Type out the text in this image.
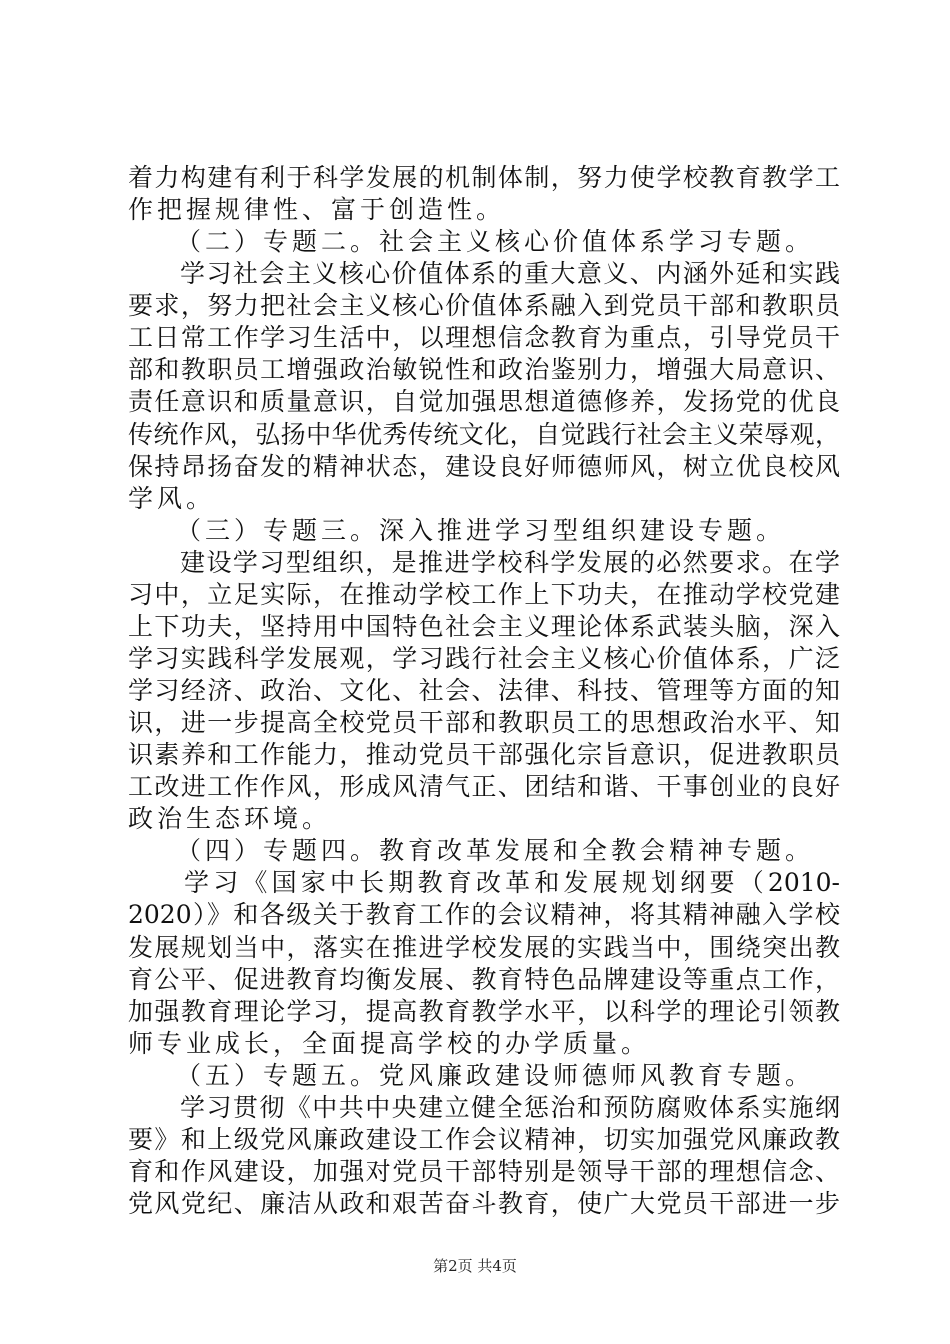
着力构建有利于科学发展的机制体制，努力使学校教育教学工
作把握规律性、富于创造性。
（二）专题二。社会主义核心价值体系学习专题。
学习社会主义核心价值体系的重大意义、内涵外延和实践
要求，努力把社会主义核心价值体系融入到党员干部和教职员
工日常工作学习生活中，以理想信念教育为重点，引导党员干
部和教职员工增强政治敏锐性和政治鉴别力，增强大局意识、
责任意识和质量意识，自觉加强思想道德修养，发扬党的优良
传统作风，弘扬中华优秀传统文化，自觉践行社会主义荣辱观，
保持昂扬奋发的精神状态，建设良好师德师风，树立优良校风
学风。
（三）专题三。深入推进学习型组织建设专题。
建设学习型组织，是推进学校科学发展的必然要求。在学
习中，立足实际，在推动学校工作上下功夫，在推动学校党建
上下功夫，坚持用中国特色社会主义理论体系武装头脑，深入
学习实践科学发展观，学习践行社会主义核心价值体系，广泛
学习经济、政治、文化、社会、法律、科技、管理等方面的知
识，进一步提高全校党员干部和教职员工的思想政治水平、知
识素养和工作能力，推动党员干部强化宗旨意识，促进教职员
工改进工作作风，形成风清气正、团结和谐、干事创业的良好
政治生态环境。
（四）专题四。教育改革发展和全教会精神专题。
学习《国家中长期教育改革和发展规划纲要（2010-
2020）》和各级关于教育工作的会议精神，将其精神融入学校
发展规划当中，落实在推进学校发展的实践当中，围绕突出教
育公平、促进教育均衡发展、教育特色品牌建设等重点工作，
加强教育理论学习，提高教育教学水平，以科学的理论引领教
师专业成长，全面提高学校的办学质量。
（五）专题五。党风廉政建设师德师风教育专题。
学习贯彻《中共中央建立健全惩治和预防腐败体系实施纲
要》和上级党风廉政建设工作会议精神，切实加强党风廉政教
育和作风建设，加强对党员干部特别是领导干部的理想信念、
党风党纪、廉洁从政和艰苦奋斗教育，使广大党员干部进一步
第2页 共4页
